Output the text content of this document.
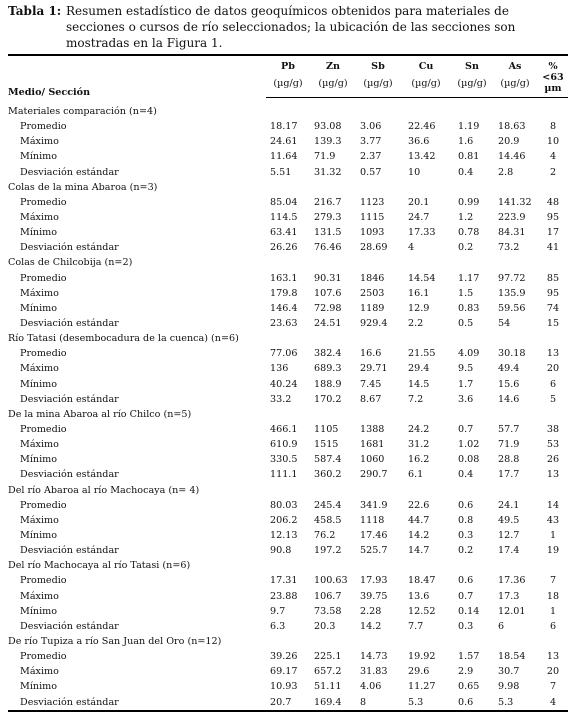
Tabla 1: Resumen estadístico de datos geoquímicos obtenidos para materiales de secciones o cursos de río seleccionados; la ubicación de las secciones son mostradas en la Figura 1.
Medio/ Sección	Pb	Zn	Sb	Cu	Sn	As	%
	(µg/g)	(µg/g)	(µg/g)	(µg/g)	(µg/g)	(µg/g)	<63 µm

Materiales comparación (n=4)							
Promedio	18.17	93.08	3.06	22.46	1.19	18.63	8
Máximo	24.61	139.3	3.77	36.6	1.6	20.9	10
Mínimo	11.64	71.9	2.37	13.42	0.81	14.46	4
Desviación estándar	5.51	31.32	0.57	10	0.4	2.8	2
Colas de la mina Abaroa (n=3)							
Promedio	85.04	216.7	1123	20.1	0.99	141.32	48
Máximo	114.5	279.3	1115	24.7	1.2	223.9	95
Mínimo	63.41	131.5	1093	17.33	0.78	84.31	17
Desviación estándar	26.26	76.46	28.69	4	0.2	73.2	41
Colas de Chilcobija (n=2)							
Promedio	163.1	90.31	1846	14.54	1.17	97.72	85
Máximo	179.8	107.6	2503	16.1	1.5	135.9	95
Mínimo	146.4	72.98	1189	12.9	0.83	59.56	74
Desviación estándar	23.63	24.51	929.4	2.2	0.5	54	15
Río Tatasi (desembocadura de la cuenca) (n=6)							
Promedio	77.06	382.4	16.6	21.55	4.09	30.18	13
Máximo	136	689.3	29.71	29.4	9.5	49.4	20
Mínimo	40.24	188.9	7.45	14.5	1.7	15.6	6
Desviación estándar	33.2	170.2	8.67	7.2	3.6	14.6	5
De la mina Abaroa al río Chilco (n=5)							
Promedio	466.1	1105	1388	24.2	0.7	57.7	38
Máximo	610.9	1515	1681	31.2	1.02	71.9	53
Mínimo	330.5	587.4	1060	16.2	0.08	28.8	26
Desviación estándar	111.1	360.2	290.7	6.1	0.4	17.7	13
Del río Abaroa al río Machocaya (n= 4)							
Promedio	80.03	245.4	341.9	22.6	0.6	24.1	14
Máximo	206.2	458.5	1118	44.7	0.8	49.5	43
Mínimo	12.13	76.2	17.46	14.2	0.3	12.7	1
Desviación estándar	90.8	197.2	525.7	14.7	0.2	17.4	19
Del río Machocaya al río Tatasi (n=6)							
Promedio	17.31	100.63	17.93	18.47	0.6	17.36	7
Máximo	23.88	106.7	39.75	13.6	0.7	17.3	18
Mínimo	9.7	73.58	2.28	12.52	0.14	12.01	1
Desviación estándar	6.3	20.3	14.2	7.7	0.3	6	6
De río Tupiza a río San Juan del Oro (n=12)							
Promedio	39.26	225.1	14.73	19.92	1.57	18.54	13
Máximo	69.17	657.2	31.83	29.6	2.9	30.7	20
Mínimo	10.93	51.11	4.06	11.27	0.65	9.98	7
Desviación estándar	20.7	169.4	8	5.3	0.6	5.3	4
